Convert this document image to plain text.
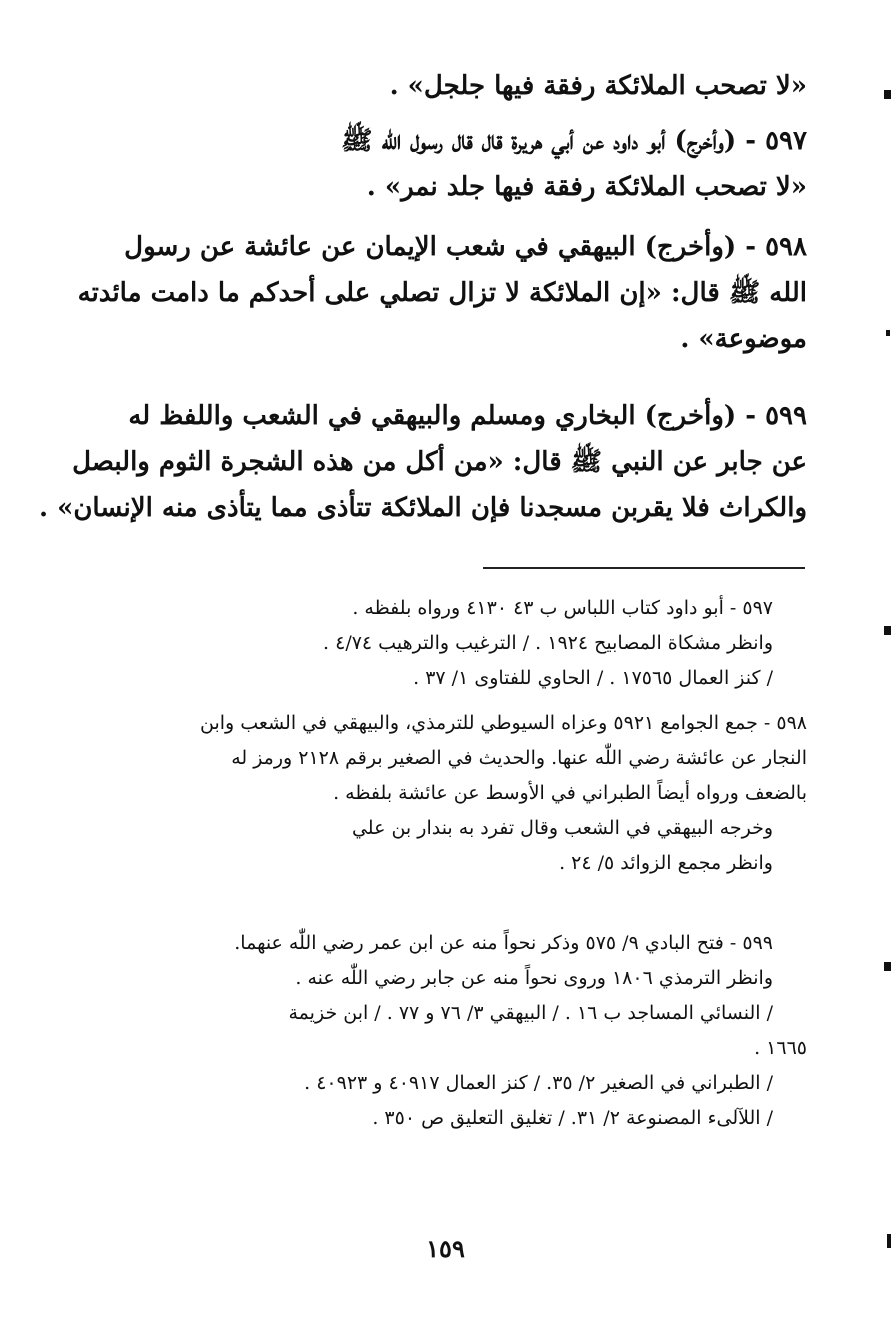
«لا تصحب الملائكة رفقة فيها جلجل» .
٥٩٧ - (وأخرج) أبو داود عن أبي هريرة قال قال رسول اللّٰه ﷺ
«لا تصحب الملائكة رفقة فيها جلد نمر» .
٥٩٨ - (وأخرج) البيهقي في شعب الإيمان عن عائشة عن رسول
الله ﷺ قال: «إن الملائكة لا تزال تصلي على أحدكم ما دامت مائدته
موضوعة» .
٥٩٩ - (وأخرج) البخاري ومسلم والبيهقي في الشعب واللفظ له
عن جابر عن النبي ﷺ قال: «من أكل من هذه الشجرة الثوم والبصل
والكراث فلا يقربن مسجدنا فإن الملائكة تتأذى مما يتأذى منه الإنسان» .
٥٩٧ - أبو داود كتاب اللباس ب ٤٣ ٤١٣٠ ورواه بلفظه .
وانظر مشكاة المصابيح ١٩٢٤ . / الترغيب والترهيب ٤/٧٤ .
/ كنز العمال ١٧٥٦٥ . / الحاوي للفتاوى ١/ ٣٧ .
٥٩٨ - جمع الجوامع ٥٩٢١ وعزاه السيوطي للترمذي، والبيهقي في الشعب وابن
النجار عن عائشة رضي اللّٰه عنها. والحديث في الصغير برقم ٢١٢٨ ورمز له
بالضعف ورواه أيضاً الطبراني في الأوسط عن عائشة بلفظه .
وخرجه البيهقي في الشعب وقال تفرد به بندار بن علي
وانظر مجمع الزوائد ٥/ ٢٤ .
٥٩٩ - فتح البادي ٩/ ٥٧٥ وذكر نحواً منه عن ابن عمر رضي اللّٰه عنهما.
وانظر الترمذي ١٨٠٦ وروى نحواً منه عن جابر رضي اللّٰه عنه .
/ النسائي المساجد ب ١٦ . / البيهقي ٣/ ٧٦ و ٧٧ . / ابن خزيمة
١٦٦٥ .
/ الطبراني في الصغير ٢/ ٣٥. / كنز العمال ٤٠٩١٧ و ٤٠٩٢٣ .
/ اللآلىء المصنوعة ٢/ ٣١. / تغليق التعليق ص ٣٥٠ .
١٥٩
